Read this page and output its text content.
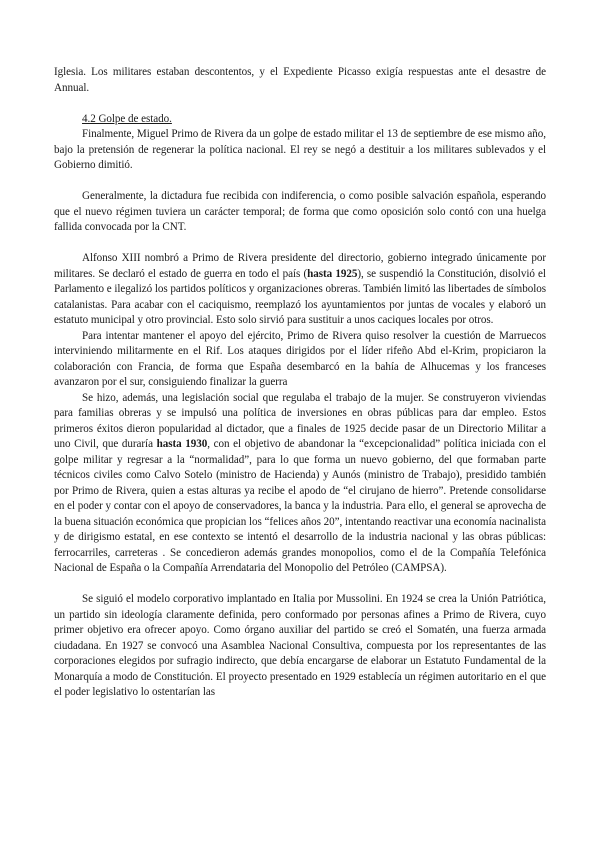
Iglesia. Los militares estaban descontentos, y el Expediente Picasso exigía respuestas ante el desastre de Annual.

4.2 Golpe de estado.

Finalmente, Miguel Primo de Rivera da un golpe de estado militar el 13 de septiembre de ese mismo año, bajo la pretensión de regenerar la política nacional. El rey se negó a destituir a los militares sublevados y el Gobierno dimitió.

Generalmente, la dictadura fue recibida con indiferencia, o como posible salvación española, esperando que el nuevo régimen tuviera un carácter temporal; de forma que como oposición solo contó con una huelga fallida convocada por la CNT.

Alfonso XIII nombró a Primo de Rivera presidente del directorio, gobierno integrado únicamente por militares. Se declaró el estado de guerra en todo el país (hasta 1925), se suspendió la Constitución, disolvió el Parlamento e ilegalizó los partidos políticos y organizaciones obreras. También limitó las libertades de símbolos catalanistas. Para acabar con el caciquismo, reemplazó los ayuntamientos por juntas de vocales y elaboró un estatuto municipal y otro provincial. Esto solo sirvió para sustituir a unos caciques locales por otros.

Para intentar mantener el apoyo del ejército, Primo de Rivera quiso resolver la cuestión de Marruecos interviniendo militarmente en el Rif. Los ataques dirigidos por el líder rifeño Abd el-Krim, propiciaron la colaboración con Francia, de forma que España desembarcó en la bahía de Alhucemas y los franceses avanzaron por el sur, consiguiendo finalizar la guerra

Se hizo, además, una legislación social que regulaba el trabajo de la mujer. Se construyeron viviendas para familias obreras y se impulsó una política de inversiones en obras públicas para dar empleo. Estos primeros éxitos dieron popularidad al dictador, que a finales de 1925 decide pasar de un Directorio Militar a uno Civil, que duraría hasta 1930, con el objetivo de abandonar la “excepcionalidad” política iniciada con el golpe militar y regresar a la “normalidad”, para lo que forma un nuevo gobierno, del que formaban parte técnicos civiles como Calvo Sotelo (ministro de Hacienda) y Aunós (ministro de Trabajo), presidido también por Primo de Rivera, quien a estas alturas ya recibe el apodo de “el cirujano de hierro”. Pretende consolidarse en el poder y contar con el apoyo de conservadores, la banca y la industria. Para ello, el general se aprovecha de la buena situación económica que propician los “felices años 20”, intentando reactivar una economía nacinalista y de dirigismo estatal, en ese contexto se intentó el desarrollo de la industria nacional y las obras públicas: ferrocarriles, carreteras . Se concedieron además grandes monopolios, como el de la Compañía Telefónica Nacional de España o la Compañía Arrendataria del Monopolio del Petróleo (CAMPSA).

Se siguió el modelo corporativo implantado en Italia por Mussolini. En 1924 se crea la Unión Patriótica, un partido sin ideología claramente definida, pero conformado por personas afines a Primo de Rivera, cuyo primer objetivo era ofrecer apoyo. Como órgano auxiliar del partido se creó el Somatén, una fuerza armada ciudadana. En 1927 se convocó una Asamblea Nacional Consultiva, compuesta por los representantes de las corporaciones elegidos por sufragio indirecto, que debía encargarse de elaborar un Estatuto Fundamental de la Monarquía a modo de Constitución. El proyecto presentado en 1929 establecía un régimen autoritario en el que el poder legislativo lo ostentarían las
